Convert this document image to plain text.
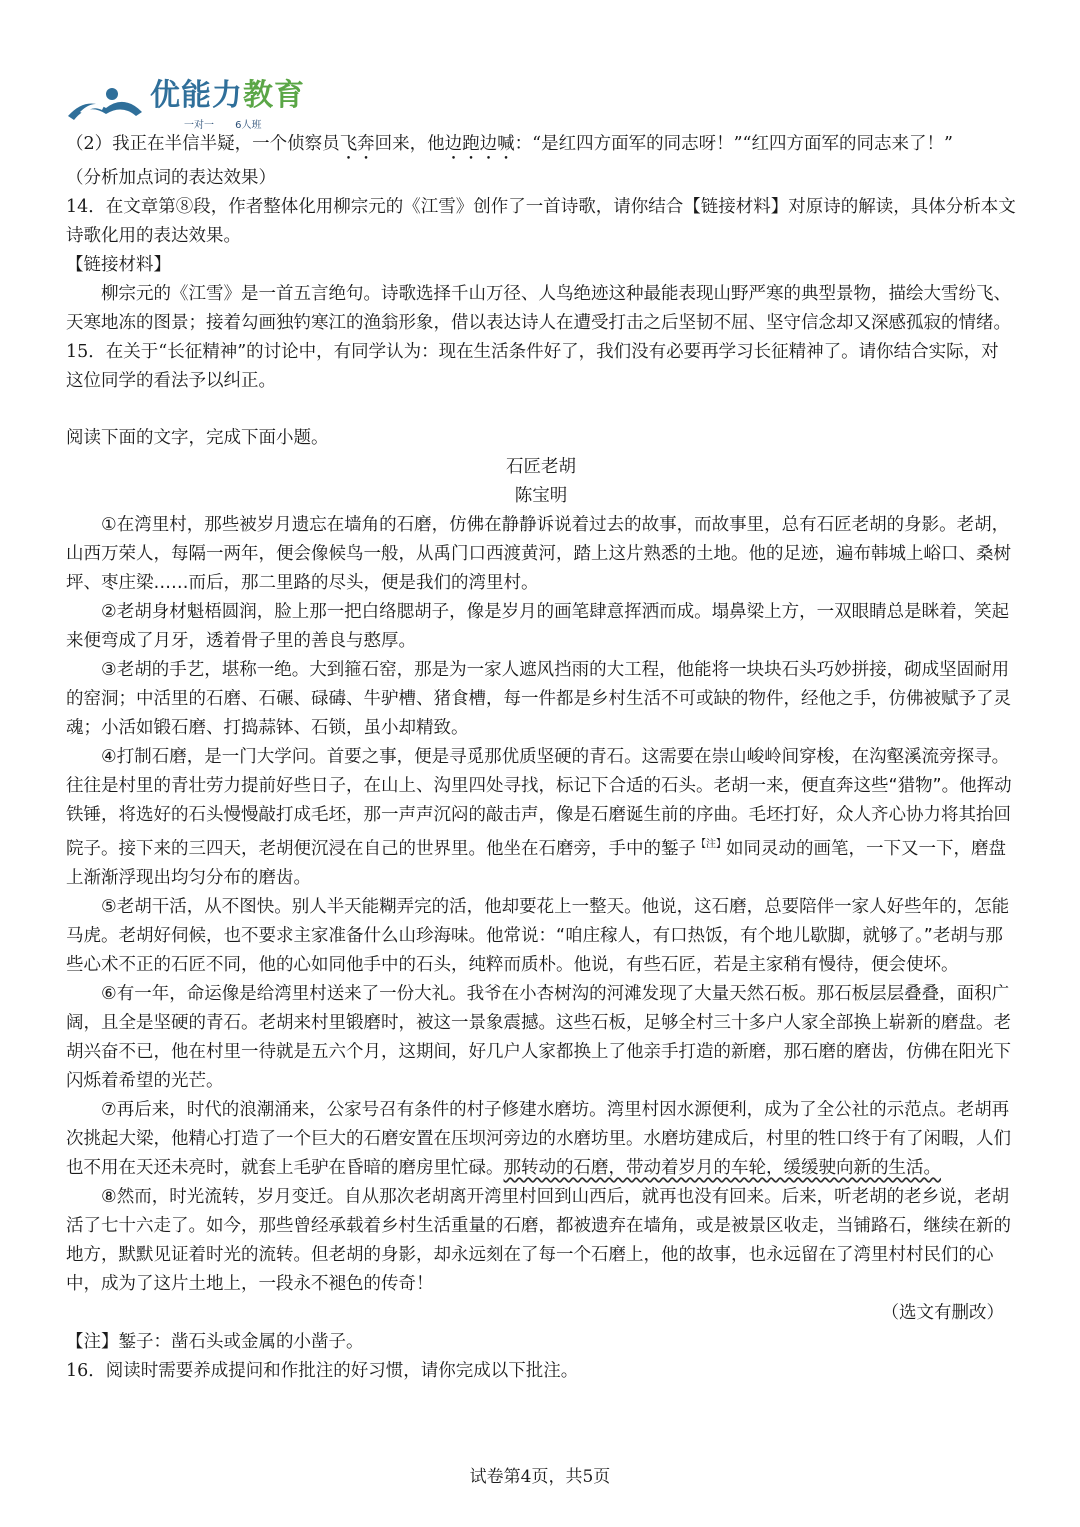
优能力教育
一对一 6人班

（2）我正在半信半疑，一个侦察员飞奔回来，他边跑边喊：“是红四方面军的同志呀！”“红四方面军的同志来了！”

（分析加点词的表达效果）

14．在文章第⑧段，作者整体化用柳宗元的《江雪》创作了一首诗歌，请你结合【链接材料】对原诗的解读，具体分析本文诗歌化用的表达效果。

【链接材料】

柳宗元的《江雪》是一首五言绝句。诗歌选择千山万径、人鸟绝迹这种最能表现山野严寒的典型景物，描绘大雪纷飞、天寒地冻的图景；接着勾画独钓寒江的渔翁形象，借以表达诗人在遭受打击之后坚韧不屈、坚守信念却又深感孤寂的情绪。

15．在关于“长征精神”的讨论中，有同学认为：现在生活条件好了，我们没有必要再学习长征精神了。请你结合实际，对这位同学的看法予以纠正。

阅读下面的文字，完成下面小题。

石匠老胡

陈宝明

①在湾里村，那些被岁月遗忘在墙角的石磨，仿佛在静静诉说着过去的故事，而故事里，总有石匠老胡的身影。老胡，山西万荣人，每隔一两年，便会像候鸟一般，从禹门口西渡黄河，踏上这片熟悉的土地。他的足迹，遍布韩城上峪口、桑树坪、枣庄梁……而后，那二里路的尽头，便是我们的湾里村。

②老胡身材魁梧圆润，脸上那一把白络腮胡子，像是岁月的画笔肆意挥洒而成。塌鼻梁上方，一双眼睛总是眯着，笑起来便弯成了月牙，透着骨子里的善良与憨厚。

③老胡的手艺，堪称一绝。大到箍石窑，那是为一家人遮风挡雨的大工程，他能将一块块石头巧妙拼接，砌成坚固耐用的窑洞；中活里的石磨、石碾、碌碡、牛驴槽、猪食槽，每一件都是乡村生活不可或缺的物件，经他之手，仿佛被赋予了灵魂；小活如锻石磨、打捣蒜钵、石锁，虽小却精致。

④打制石磨，是一门大学问。首要之事，便是寻觅那优质坚硬的青石。这需要在崇山峻岭间穿梭，在沟壑溪流旁探寻。往往是村里的青壮劳力提前好些日子，在山上、沟里四处寻找，标记下合适的石头。老胡一来，便直奔这些“猎物”。他挥动铁锤，将选好的石头慢慢敲打成毛坯，那一声声沉闷的敲击声，像是石磨诞生前的序曲。毛坯打好，众人齐心协力将其抬回院子。接下来的三四天，老胡便沉浸在自己的世界里。他坐在石磨旁，手中的錾子$^{【注】}$如同灵动的画笔，一下又一下，磨盘上渐渐浮现出均匀分布的磨齿。

⑤老胡干活，从不图快。别人半天能糊弄完的活，他却要花上一整天。他说，这石磨，总要陪伴一家人好些年的，怎能马虎。老胡好伺候，也不要求主家准备什么山珍海味。他常说：“咱庄稼人，有口热饭，有个地儿歇脚，就够了。”老胡与那些心术不正的石匠不同，他的心如同他手中的石头，纯粹而质朴。他说，有些石匠，若是主家稍有慢待，便会使坏。

⑥有一年，命运像是给湾里村送来了一份大礼。我爷在小杏树沟的河滩发现了大量天然石板。那石板层层叠叠，面积广阔，且全是坚硬的青石。老胡来村里锻磨时，被这一景象震撼。这些石板，足够全村三十多户人家全部换上崭新的磨盘。老胡兴奋不已，他在村里一待就是五六个月，这期间，好几户人家都换上了他亲手打造的新磨，那石磨的磨齿，仿佛在阳光下闪烁着希望的光芒。

⑦再后来，时代的浪潮涌来，公家号召有条件的村子修建水磨坊。湾里村因水源便利，成为了全公社的示范点。老胡再次挑起大梁，他精心打造了一个巨大的石磨安置在压坝河旁边的水磨坊里。水磨坊建成后，村里的牲口终于有了闲暇，人们也不用在天还未亮时，就套上毛驴在昏暗的磨房里忙碌。那转动的石磨，带动着岁月的车轮，缓缓驶向新的生活。

⑧然而，时光流转，岁月变迁。自从那次老胡离开湾里村回到山西后，就再也没有回来。后来，听老胡的老乡说，老胡活了七十六走了。如今，那些曾经承载着乡村生活重量的石磨，都被遗弃在墙角，或是被景区收走，当铺路石，继续在新的地方，默默见证着时光的流转。但老胡的身影，却永远刻在了每一个石磨上，他的故事，也永远留在了湾里村村民们的心中，成为了这片土地上，一段永不褪色的传奇！

（选文有删改）

【注】錾子：凿石头或金属的小凿子。

16．阅读时需要养成提问和作批注的好习惯，请你完成以下批注。

试卷第4页，共5页
